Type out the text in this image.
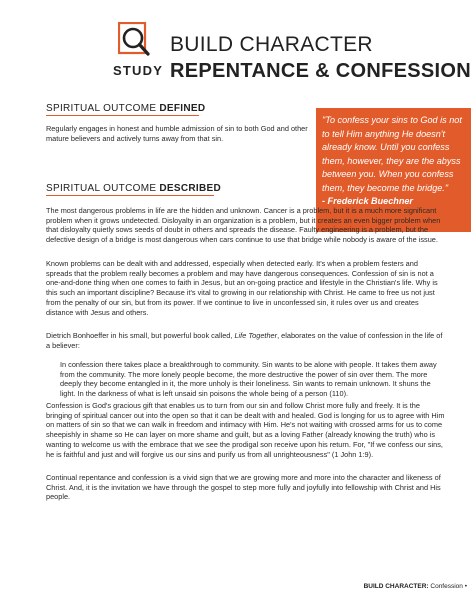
STUDY
BUILD CHARACTER
REPENTANCE & CONFESSION
SPIRITUAL OUTCOME DEFINED

Regularly engages in honest and humble admission of sin to both God and other mature believers and actively turns away from that sin.

"To confess your sins to God is not to tell Him anything He doesn't already know. Until you confess them, however, they are the abyss between you. When you confess them, they become the bridge."
- Frederick Buechner
SPIRITUAL OUTCOME DESCRIBED

The most dangerous problems in life are the hidden and unknown. Cancer is a problem, but it is a much more significant problem when it grows undetected. Disloyalty in an organization is a problem, but it creates an even bigger problem when that disloyalty quietly sows seeds of doubt in others and spreads the disease. Faulty engineering is a problem, but the defective design of a bridge is most dangerous when cars continue to use that bridge while nobody is aware of the issue.

Known problems can be dealt with and addressed, especially when detected early. It's when a problem festers and spreads that the problem really becomes a problem and may have dangerous consequences. Confession of sin is not a one-and-done thing when one comes to faith in Jesus, but an on-going practice and lifestyle in the Christian's life. Why is this such an important discipline? Because it's vital to growing in our relationship with Christ. He came to free us not just from the penalty of our sin, but from its power. If we continue to live in unconfessed sin, it rules over us and creates distance with Jesus and others.

Dietrich Bonhoeffer in his small, but powerful book called, Life Together, elaborates on the value of confession in the life of a believer:

In confession there takes place a breakthrough to community. Sin wants to be alone with people. It takes them away from the community. The more lonely people become, the more destructive the power of sin over them. The more deeply they become entangled in it, the more unholy is their loneliness. Sin wants to remain unknown. It shuns the light. In the darkness of what is left unsaid sin poisons the whole being of a person (110).

Confession is God's gracious gift that enables us to turn from our sin and follow Christ more fully and freely. It is the bringing of spiritual cancer out into the open so that it can be dealt with and healed. God is longing for us to agree with Him on matters of sin so that we can walk in freedom and intimacy with Him. He's not waiting with crossed arms for us to come sheepishly in shame so He can layer on more shame and guilt, but as a loving Father (already knowing the truth) who is wanting to welcome us with the embrace that we see the prodigal son receive upon his return. For, "If we confess our sins, he is faithful and just and will forgive us our sins and purify us from all unrighteousness" (1 John 1:9).

Continual repentance and confession is a vivid sign that we are growing more and more into the character and likeness of Christ. And, it is the invitation we have through the gospel to step more fully and joyfully into fellowship with Christ and His people.

BUILD CHARACTER: Confession •
